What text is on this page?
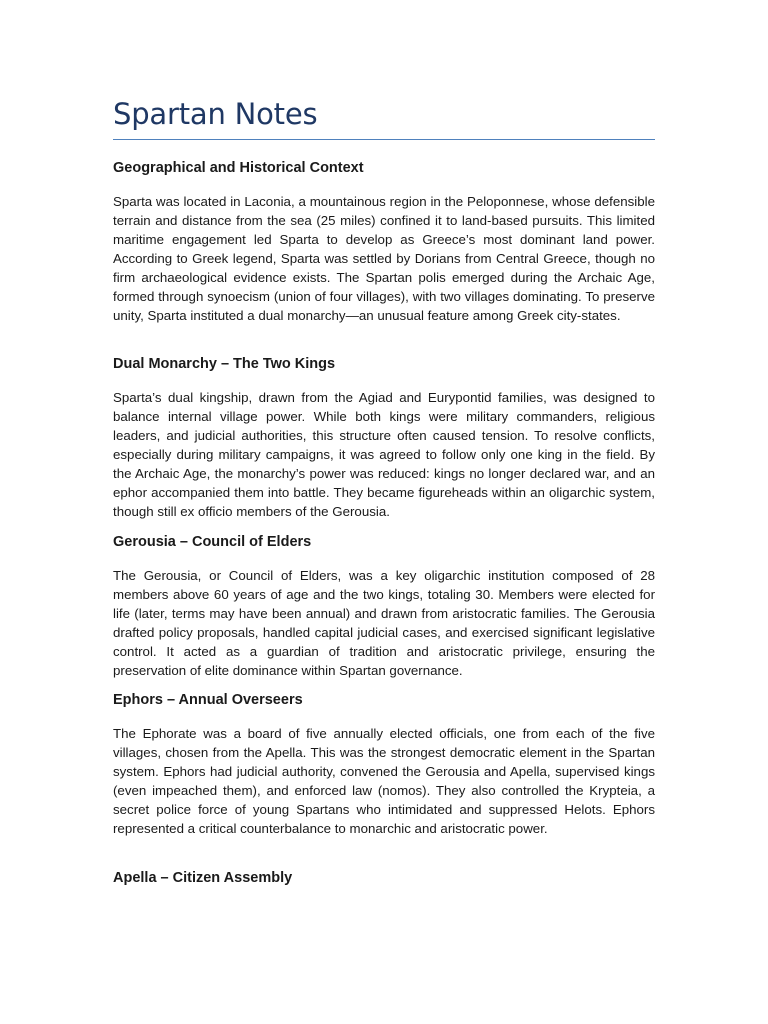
Spartan Notes
Geographical and Historical Context

Sparta was located in Laconia, a mountainous region in the Peloponnese, whose defensible terrain and distance from the sea (25 miles) confined it to land-based pursuits. This limited maritime engagement led Sparta to develop as Greece’s most dominant land power. According to Greek legend, Sparta was settled by Dorians from Central Greece, though no firm archaeological evidence exists. The Spartan polis emerged during the Archaic Age, formed through synoecism (union of four villages), with two villages dominating. To preserve unity, Sparta instituted a dual monarchy—an unusual feature among Greek city-states.

Dual Monarchy – The Two Kings

Sparta’s dual kingship, drawn from the Agiad and Eurypontid families, was designed to balance internal village power. While both kings were military commanders, religious leaders, and judicial authorities, this structure often caused tension. To resolve conflicts, especially during military campaigns, it was agreed to follow only one king in the field. By the Archaic Age, the monarchy’s power was reduced: kings no longer declared war, and an ephor accompanied them into battle. They became figureheads within an oligarchic system, though still ex officio members of the Gerousia.

Gerousia – Council of Elders

The Gerousia, or Council of Elders, was a key oligarchic institution composed of 28 members above 60 years of age and the two kings, totaling 30. Members were elected for life (later, terms may have been annual) and drawn from aristocratic families. The Gerousia drafted policy proposals, handled capital judicial cases, and exercised significant legislative control. It acted as a guardian of tradition and aristocratic privilege, ensuring the preservation of elite dominance within Spartan governance.

Ephors – Annual Overseers

The Ephorate was a board of five annually elected officials, one from each of the five villages, chosen from the Apella. This was the strongest democratic element in the Spartan system. Ephors had judicial authority, convened the Gerousia and Apella, supervised kings (even impeached them), and enforced law (nomos). They also controlled the Krypteia, a secret police force of young Spartans who intimidated and suppressed Helots. Ephors represented a critical counterbalance to monarchic and aristocratic power.

Apella – Citizen Assembly
